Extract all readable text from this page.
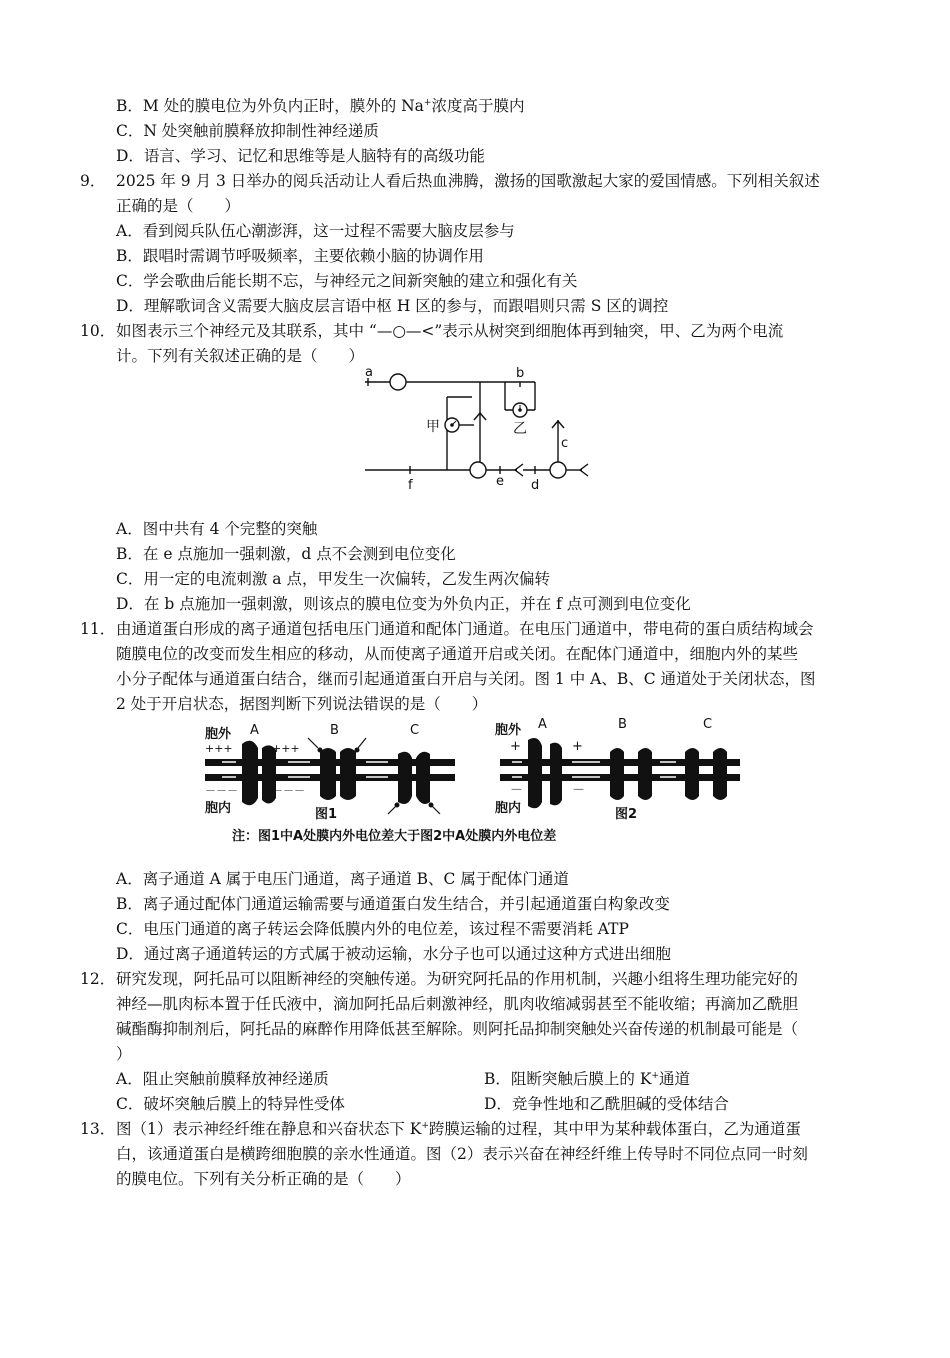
B．M 处的膜电位为外负内正时，膜外的 Na+浓度高于膜内
C．N 处突触前膜释放抑制性神经递质
D．语言、学习、记忆和思维等是人脑特有的高级功能
9． 2025 年 9 月 3 日举办的阅兵活动让人看后热血沸腾，激扬的国歌激起大家的爱国情感。下列相关叙述
正确的是（　　）
A．看到阅兵队伍心潮澎湃，这一过程不需要大脑皮层参与
B．跟唱时需调节呼吸频率，主要依赖小脑的协调作用
C．学会歌曲后能长期不忘，与神经元之间新突触的建立和强化有关
D．理解歌词含义需要大脑皮层言语中枢 H 区的参与，而跟唱则只需 S 区的调控
10． 如图表示三个神经元及其联系，其中 “—○—<”表示从树突到细胞体再到轴突，甲、乙为两个电流
计。下列有关叙述正确的是（　　）
a	b
c
d
e
f
甲	乙
A．图中共有 4 个完整的突触
B．在 e 点施加一强刺激，d 点不会测到电位变化
C．用一定的电流刺激 a 点，甲发生一次偏转，乙发生两次偏转
D．在 b 点施加一强刺激，则该点的膜电位变为外负内正，并在 f 点可测到电位变化
11． 由通道蛋白形成的离子通道包括电压门通道和配体门通道。在电压门通道中，带电荷的蛋白质结构域会
随膜电位的改变而发生相应的移动，从而使离子通道开启或关闭。在配体门通道中，细胞内外的某些
小分子配体与通道蛋白结合，继而引起通道蛋白开启与关闭。图 1 中 A、B、C 通道处于关闭状态，图
2 处于开启状态，据图判断下列说法错误的是（　　）
胞外
+++	+++
－－－	－－－
胞内
A	B	C
图1
胞外
+	+
－	－
胞内
A	B	C
图2
注：图1中A处膜内外电位差大于图2中A处膜内外电位差
A．离子通道 A 属于电压门通道，离子通道 B、C 属于配体门通道
B．离子通过配体门通道运输需要与通道蛋白发生结合，并引起通道蛋白构象改变
C．电压门通道的离子转运会降低膜内外的电位差，该过程不需要消耗 ATP
D．通过离子通道转运的方式属于被动运输，水分子也可以通过这种方式进出细胞
12． 研究发现，阿托品可以阻断神经的突触传递。为研究阿托品的作用机制，兴趣小组将生理功能完好的
神经—肌肉标本置于任氏液中，滴加阿托品后刺激神经，肌肉收缩减弱甚至不能收缩；再滴加乙酰胆
碱酯酶抑制剂后，阿托品的麻醉作用降低甚至解除。则阿托品抑制突触处兴奋传递的机制最可能是（
）
A．阻止突触前膜释放神经递质	B．阻断突触后膜上的 K+通道
C．破坏突触后膜上的特异性受体	D．竞争性地和乙酰胆碱的受体结合
13． 图（1）表示神经纤维在静息和兴奋状态下 K+跨膜运输的过程，其中甲为某种载体蛋白，乙为通道蛋
白，该通道蛋白是横跨细胞膜的亲水性通道。图（2）表示兴奋在神经纤维上传导时不同位点同一时刻
的膜电位。下列有关分析正确的是（　　）
